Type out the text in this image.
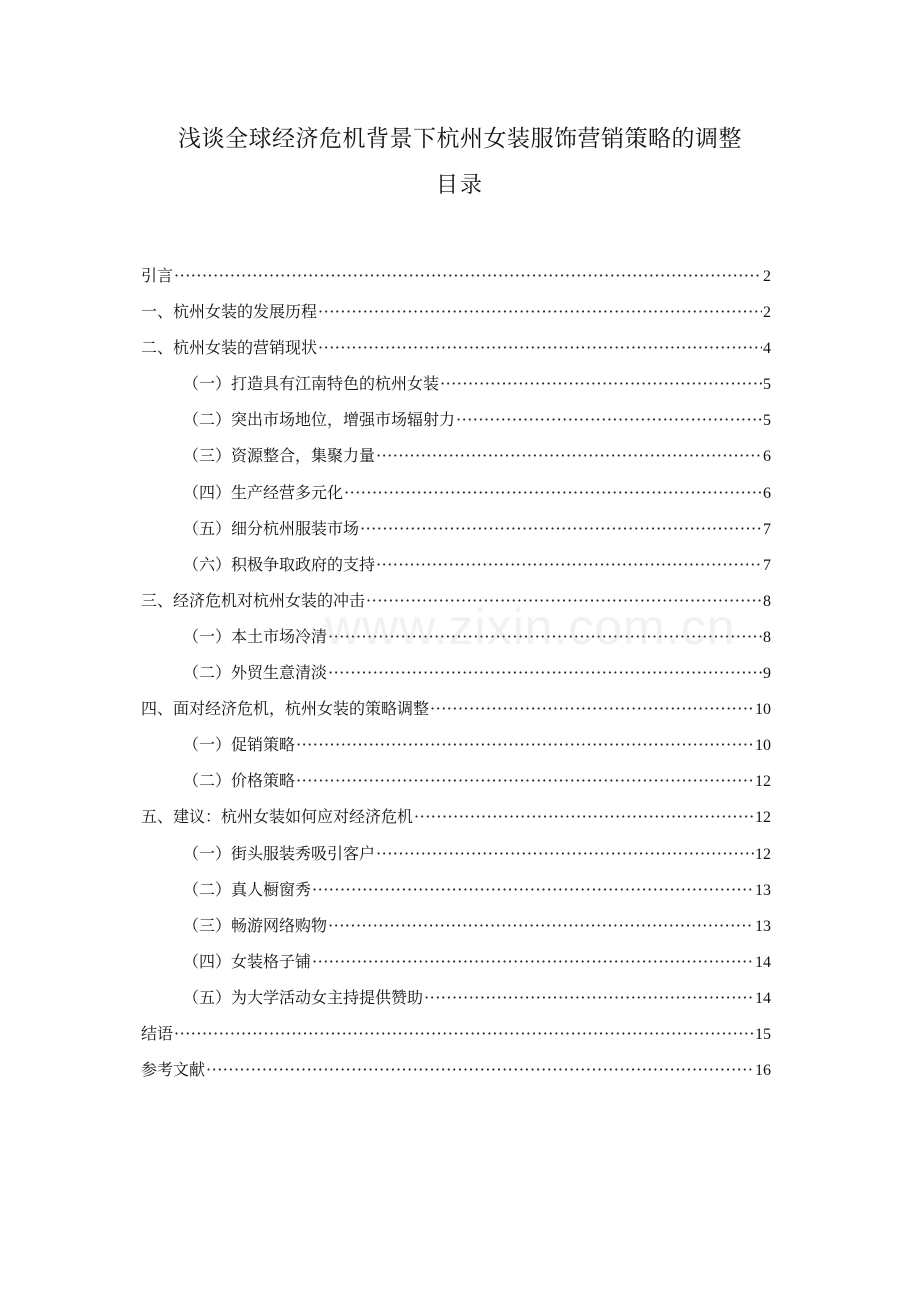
浅谈全球经济危机背景下杭州女装服饰营销策略的调整
目录
引言 ·····	2
一、杭州女装的发展历程 ·····	2
二、杭州女装的营销现状 ·····	4
（一）打造具有江南特色的杭州女装 ·····	5
（二）突出市场地位，增强市场辐射力 ·····	5
（三）资源整合，集聚力量 ·····	6
（四）生产经营多元化 ·····	6
（五）细分杭州服装市场 ·····	7
（六）积极争取政府的支持 ·····	7
三、经济危机对杭州女装的冲击 ·····	8
（一）本土市场冷清 ·····	8
（二）外贸生意清淡 ·····	9
四、面对经济危机，杭州女装的策略调整 ·····	10
（一）促销策略 ·····	10
（二）价格策略 ·····	12
五、建议：杭州女装如何应对经济危机 ·····	12
（一）街头服装秀吸引客户 ·····	12
（二）真人橱窗秀 ·····	13
（三）畅游网络购物 ·····	13
（四）女装格子铺 ·····	14
（五）为大学活动女主持提供赞助 ·····	14
结语 ·····	15
参考文献 ·····	16
www.zixin.com.cn
